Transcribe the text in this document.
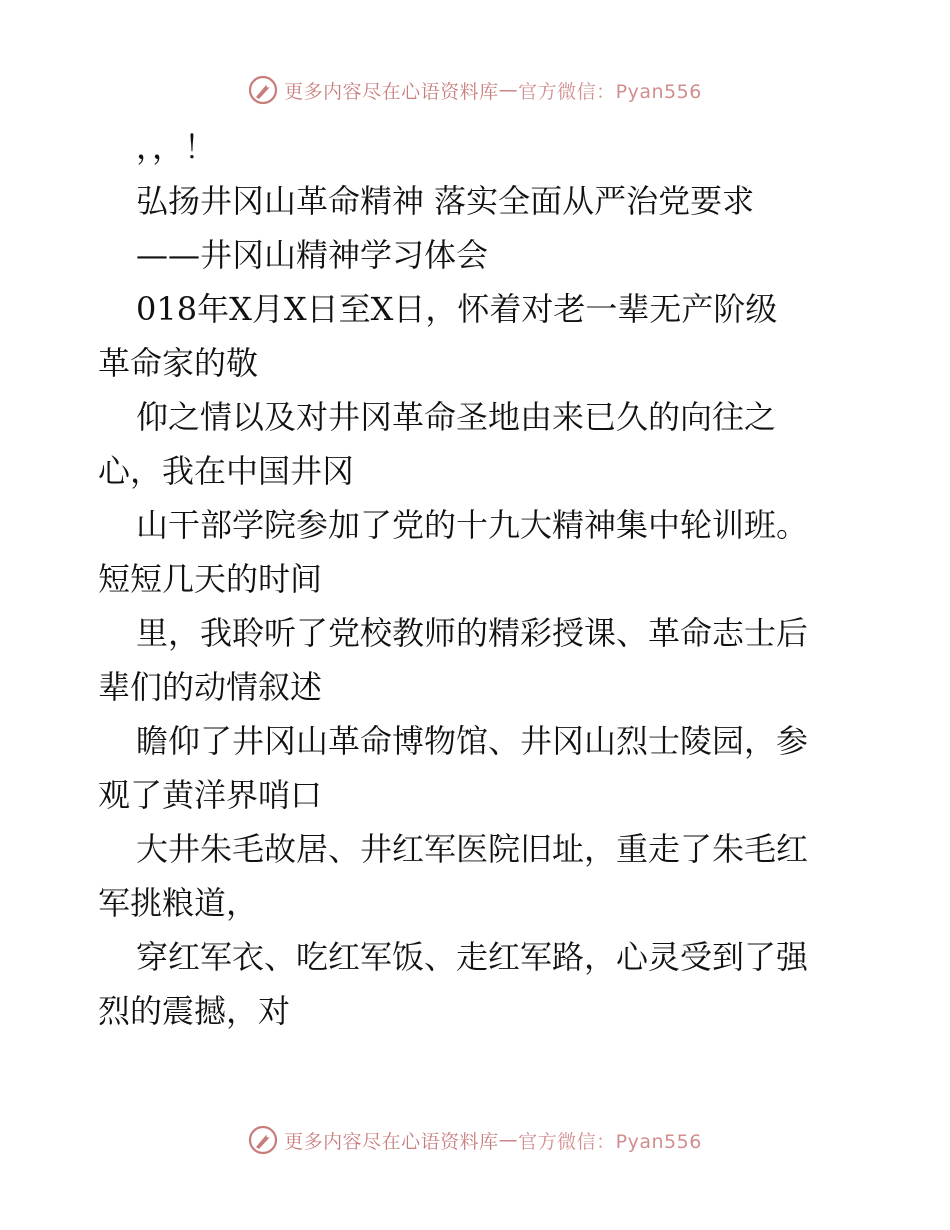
更多内容尽在心语资料库 — 官方微信：Pyan556

，，！

弘扬井冈山革命精神 落实全面从严治党要求

——井冈山精神学习体会

018年X月X日至X日，怀着对老一辈无产阶级

革命家的敬

仰之情以及对井冈革命圣地由来已久的向往之

心，我在中国井冈

山干部学院参加了党的十九大精神集中轮训班。

短短几天的时间

里，我聆听了党校教师的精彩授课、革命志士后

辈们的动情叙述

瞻仰了井冈山革命博物馆、井冈山烈士陵园，参

观了黄洋界哨口

大井朱毛故居、井红军医院旧址，重走了朱毛红

军挑粮道，

穿红军衣、吃红军饭、走红军路，心灵受到了强

烈的震撼，对

更多内容尽在心语资料库 — 官方微信：Pyan556
